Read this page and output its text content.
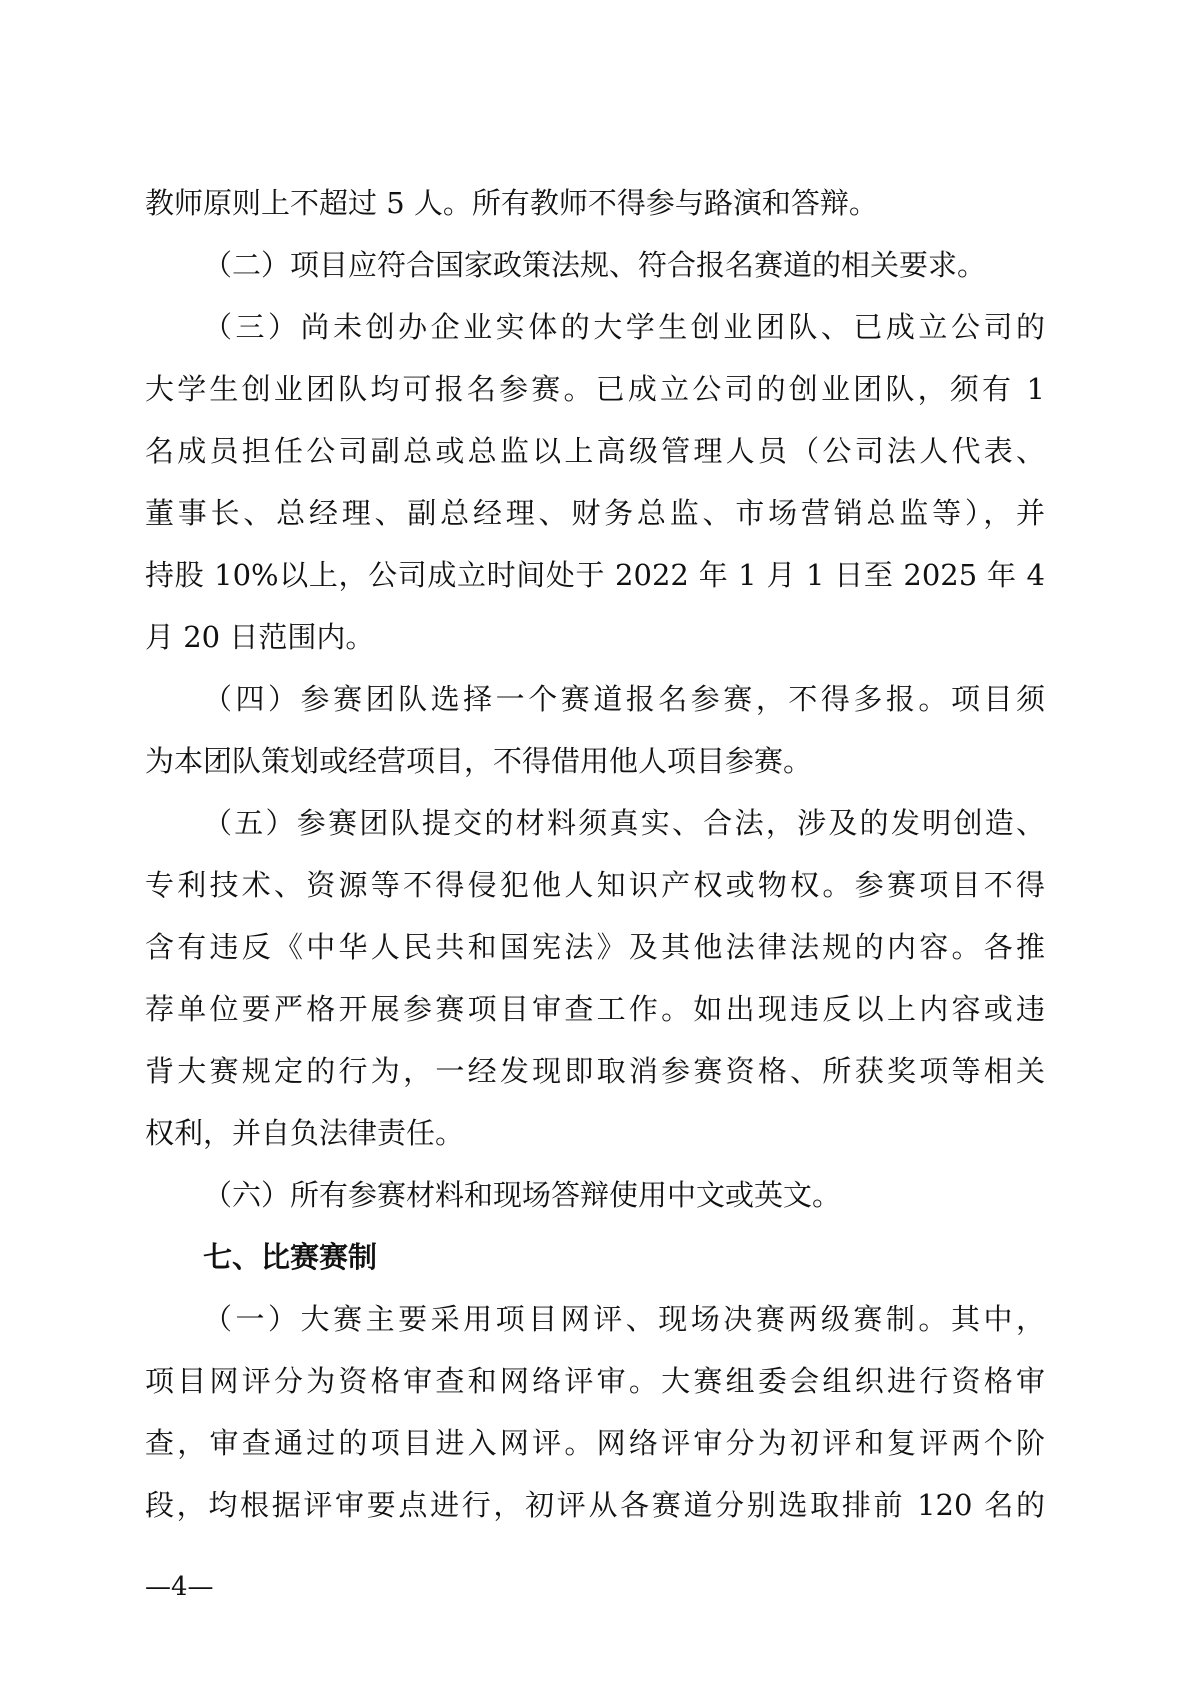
教师原则上不超过 5 人。所有教师不得参与路演和答辩。
（二）项目应符合国家政策法规、符合报名赛道的相关要求。
（三）尚未创办企业实体的大学生创业团队、已成立公司的
大学生创业团队均可报名参赛。已成立公司的创业团队，须有 1
名成员担任公司副总或总监以上高级管理人员（公司法人代表、
董事长、总经理、副总经理、财务总监、市场营销总监等），并
持股 10%以上，公司成立时间处于 2022 年 1 月 1 日至 2025 年 4
月 20 日范围内。
（四）参赛团队选择一个赛道报名参赛，不得多报。项目须
为本团队策划或经营项目，不得借用他人项目参赛。
（五）参赛团队提交的材料须真实、合法，涉及的发明创造、
专利技术、资源等不得侵犯他人知识产权或物权。参赛项目不得
含有违反《中华人民共和国宪法》及其他法律法规的内容。各推
荐单位要严格开展参赛项目审查工作。如出现违反以上内容或违
背大赛规定的行为，一经发现即取消参赛资格、所获奖项等相关
权利，并自负法律责任。
（六）所有参赛材料和现场答辩使用中文或英文。
七、比赛赛制
（一）大赛主要采用项目网评、现场决赛两级赛制。其中，
项目网评分为资格审查和网络评审。大赛组委会组织进行资格审
查，审查通过的项目进入网评。网络评审分为初评和复评两个阶
段，均根据评审要点进行，初评从各赛道分别选取排前 120 名的
—4—
